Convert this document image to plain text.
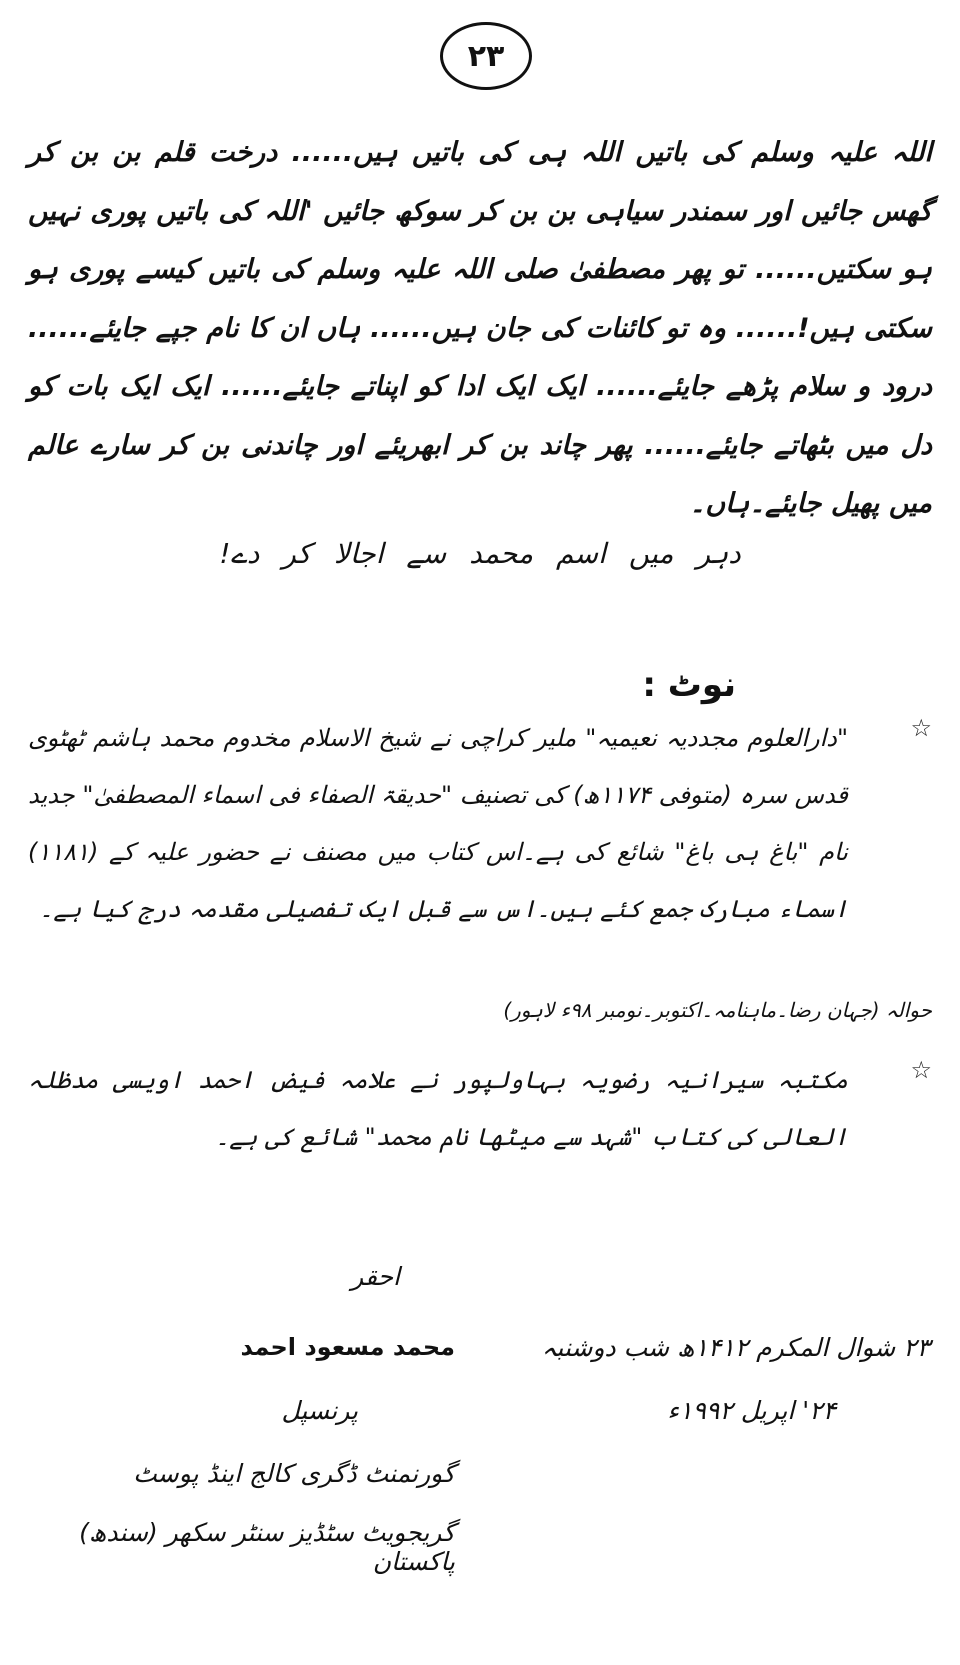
۲۳
اللہ علیہ وسلم کی باتیں اللہ ہی کی باتیں ہیں...... درخت قلم بن بن کر گھس جائیں اور سمندر سیاہی بن بن کر سوکھ جائیں 'اللہ کی باتیں پوری نہیں ہو سکتیں...... تو پھر مصطفیٰ صلی اللہ علیہ وسلم کی باتیں کیسے پوری ہو سکتی ہیں!...... وہ تو کائنات کی جان ہیں...... ہاں ان کا نام جپے جایئے...... درود و سلام پڑھے جایئے...... ایک ایک ادا کو اپناتے جایئے...... ایک ایک بات کو دل میں بٹھاتے جایئے...... پھر چاند بن کر ابھریئے اور چاندنی بن کر سارے عالم میں پھیل جایئے۔ہاں۔
دہر میں اسم محمد سے اجالا کر دے!
نوٹ :
☆
"دارالعلوم مجددیہ نعیمیہ" ملیر کراچی نے شیخ الاسلام مخدوم محمد ہاشم ٹھٹوی قدس سرہ (متوفی ۱۱۷۴ھ) کی تصنیف "حدیقۃ الصفاء فی اسماء المصطفیٰ" جدید نام "باغ ہی باغ" شائع کی ہے۔اس کتاب میں مصنف نے حضور علیہ کے (۱۱۸۱) اسماء مبارک جمع کئے ہیں۔اس سے قبل ایک تفصیلی مقدمہ درج کیا ہے۔
حوالہ (جہان رضا۔ماہنامہ۔اکتوبر۔نومبر ۹۸ء لاہور)
☆
مکتبہ سیرانیہ رضویہ بہاولپور نے علامہ فیض احمد اویسی مدظلہ العالی کی کتاب "شہد سے میٹھا نام محمد" شائع کی ہے۔
احقر
محمد مسعود احمد	۲۳ شوال المکرم ۱۴۱۲ھ شب دوشنبہ
پرنسپل	۲۴' اپریل ۱۹۹۲ء
گورنمنٹ ڈگری کالج اینڈ پوسٹ
گریجویٹ سٹڈیز سنٹر سکھر (سندھ) پاکستان
